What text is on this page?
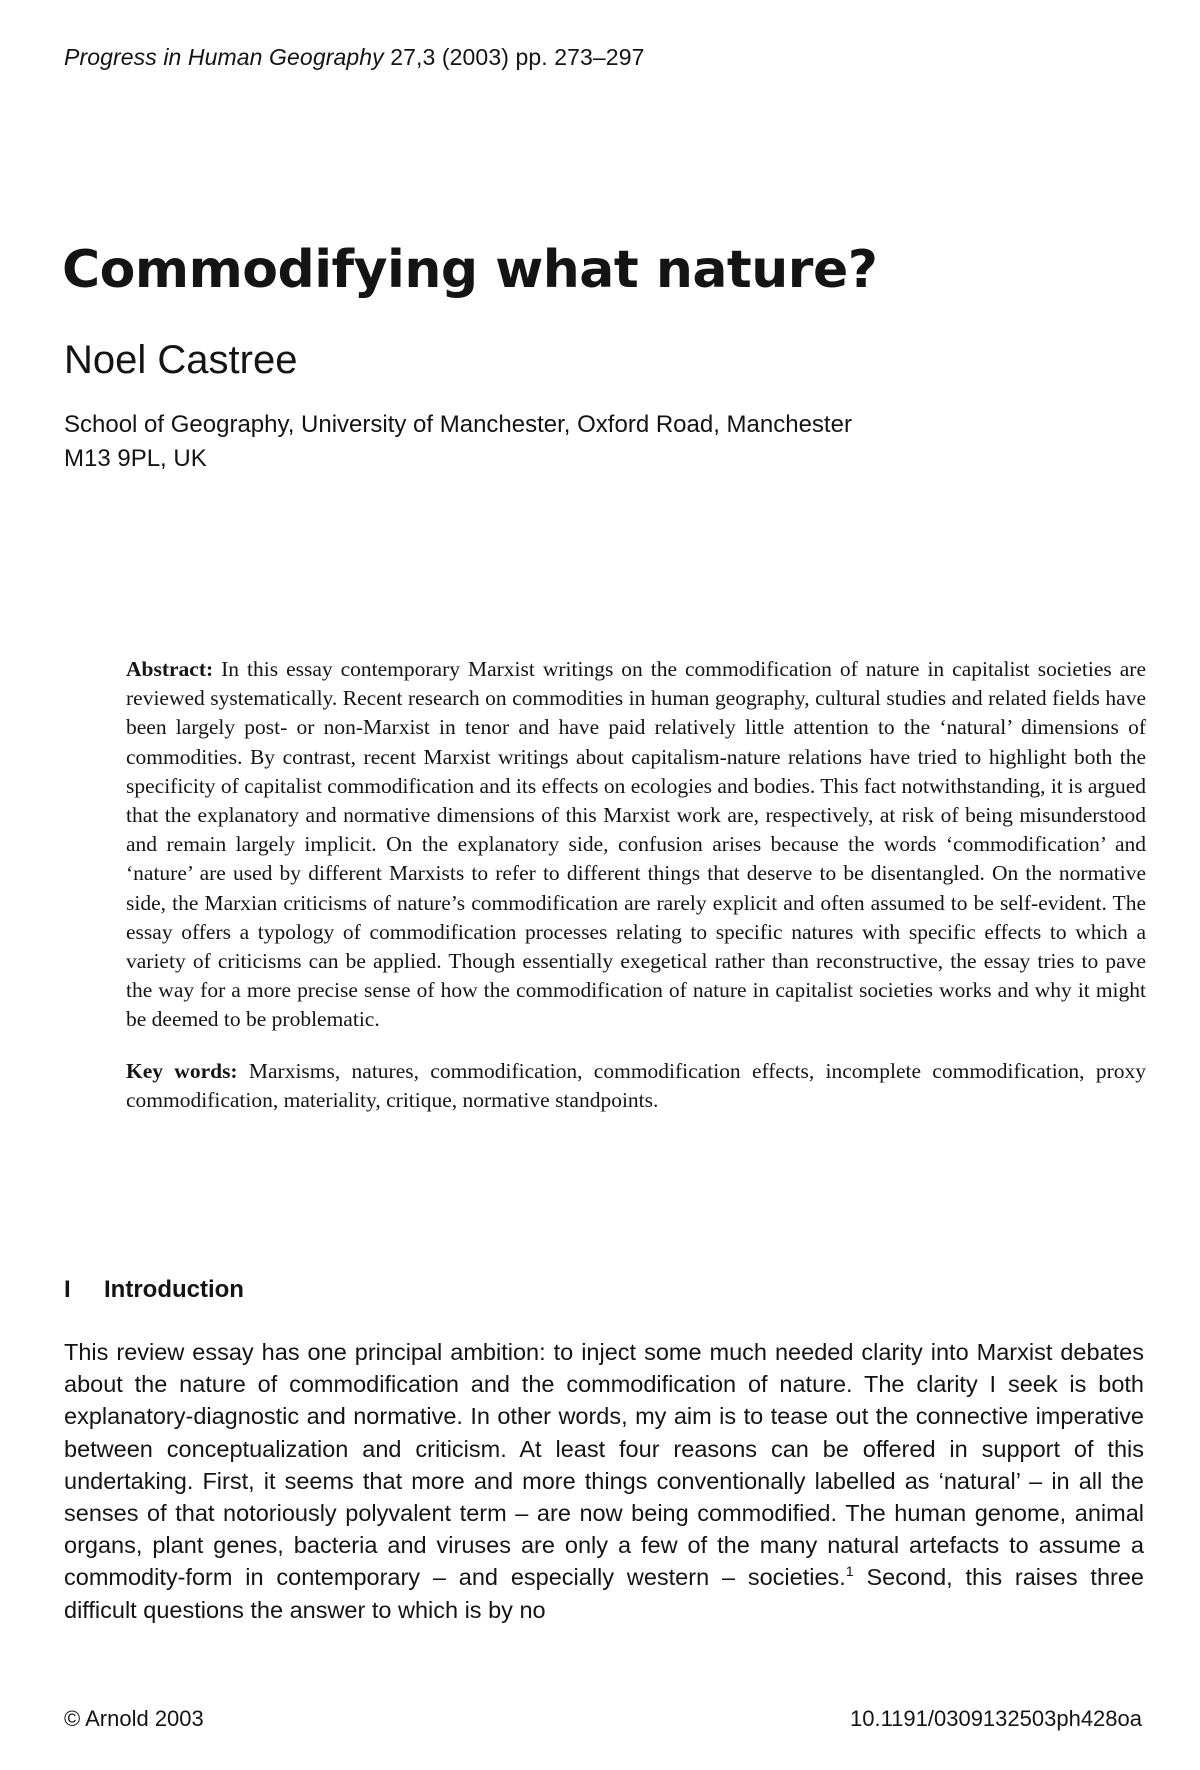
Progress in Human Geography 27,3 (2003) pp. 273–297
Commodifying what nature?

Noel Castree

School of Geography, University of Manchester, Oxford Road, Manchester
M13 9PL, UK

Abstract: In this essay contemporary Marxist writings on the commodification of nature in capitalist societies are reviewed systematically. Recent research on commodities in human geography, cultural studies and related fields have been largely post- or non-Marxist in tenor and have paid relatively little attention to the ‘natural’ dimensions of commodities. By contrast, recent Marxist writings about capitalism-nature relations have tried to highlight both the specificity of capitalist commodification and its effects on ecologies and bodies. This fact notwithstanding, it is argued that the explanatory and normative dimensions of this Marxist work are, respectively, at risk of being misunderstood and remain largely implicit. On the explanatory side, confusion arises because the words ‘commodification’ and ‘nature’ are used by different Marxists to refer to different things that deserve to be disentangled. On the normative side, the Marxian criticisms of nature’s commodification are rarely explicit and often assumed to be self-evident. The essay offers a typology of commodification processes relating to specific natures with specific effects to which a variety of criticisms can be applied. Though essentially exegetical rather than reconstructive, the essay tries to pave the way for a more precise sense of how the commodification of nature in capitalist societies works and why it might be deemed to be problematic.

Key words: Marxisms, natures, commodification, commodification effects, incomplete commodification, proxy commodification, materiality, critique, normative standpoints.

I Introduction

This review essay has one principal ambition: to inject some much needed clarity into Marxist debates about the nature of commodification and the commodification of nature. The clarity I seek is both explanatory-diagnostic and normative. In other words, my aim is to tease out the connective imperative between conceptualization and criticism. At least four reasons can be offered in support of this undertaking. First, it seems that more and more things conventionally labelled as ‘natural’ – in all the senses of that notoriously polyvalent term – are now being commodified. The human genome, animal organs, plant genes, bacteria and viruses are only a few of the many natural artefacts to assume a commodity-form in contemporary – and especially western – societies.$^1$ Second, this raises three difficult questions the answer to which is by no

© Arnold 2003	10.1191/0309132503ph428oa
